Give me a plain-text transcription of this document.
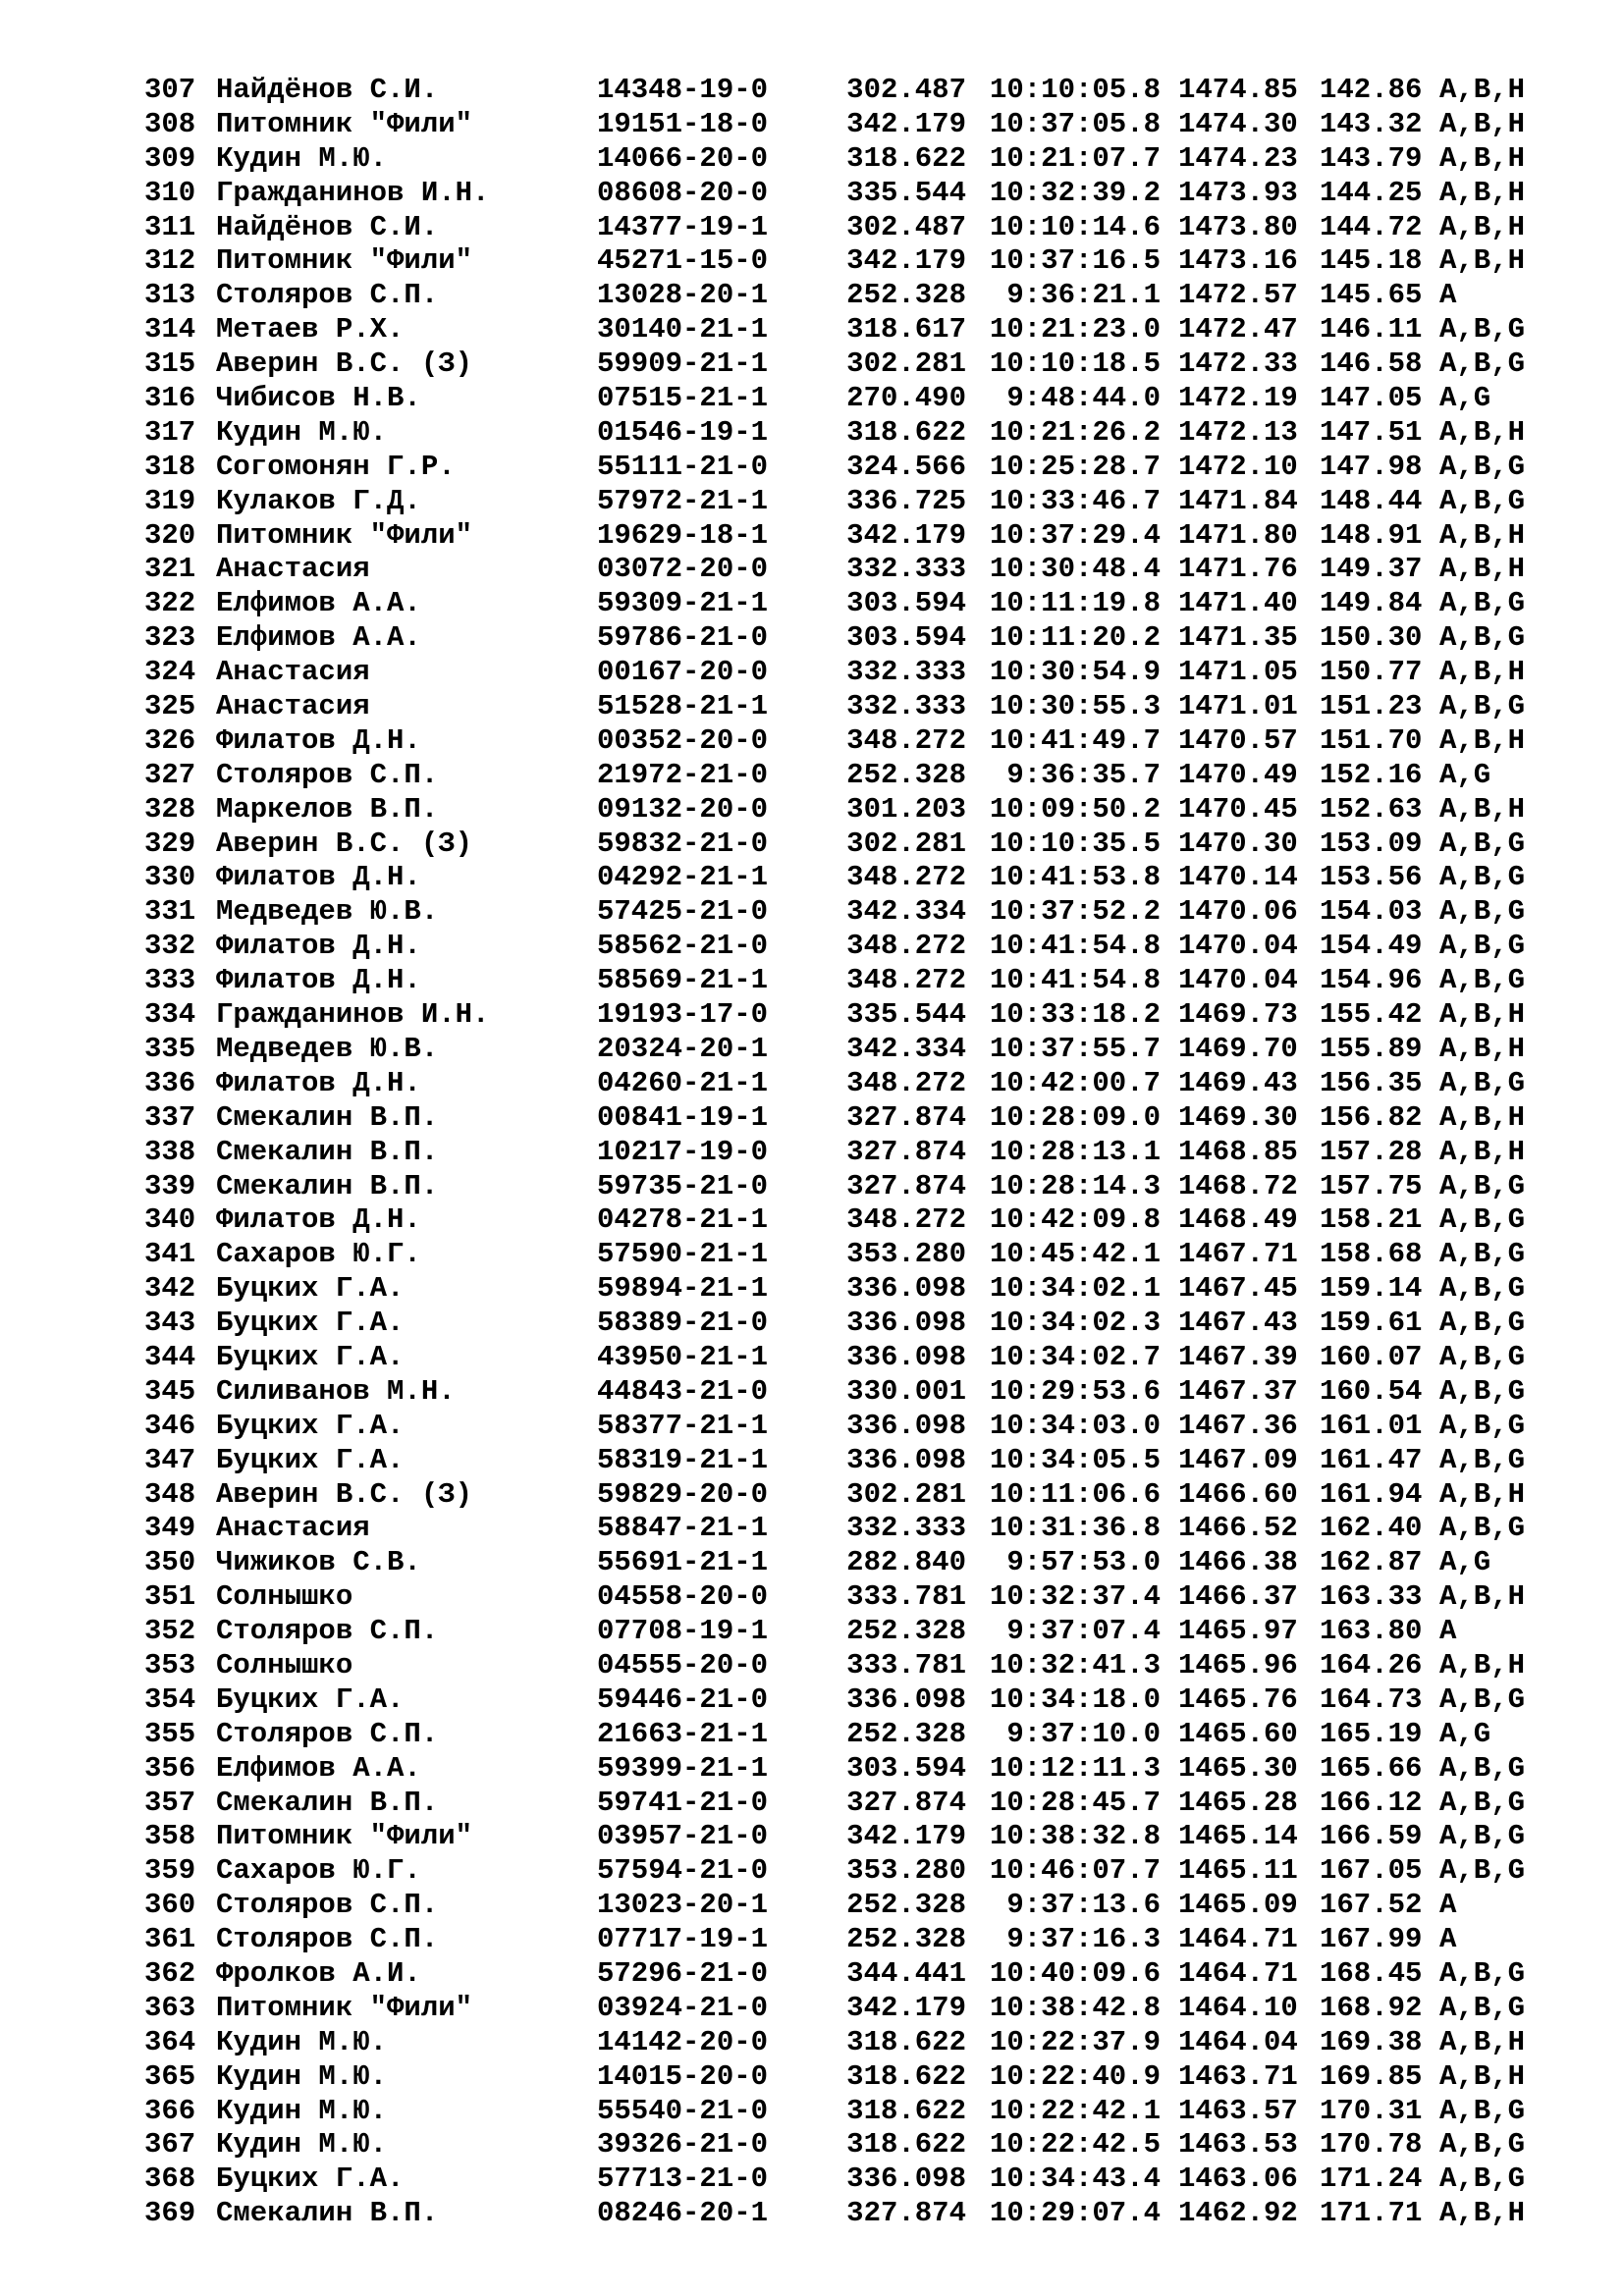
307 Найдёнов С.И.	14348-19-0	302.487 10:10:05.8 1474.85 142.86 A,B,H
308 Питомник "Фили"	19151-18-0	342.179 10:37:05.8 1474.30 143.32 A,B,H
309 Кудин М.Ю.	14066-20-0	318.622 10:21:07.7 1474.23 143.79 A,B,H
310 Гражданинов И.Н.	08608-20-0	335.544 10:32:39.2 1473.93 144.25 A,B,H
311 Найдёнов С.И.	14377-19-1	302.487 10:10:14.6 1473.80 144.72 A,B,H
312 Питомник "Фили"	45271-15-0	342.179 10:37:16.5 1473.16 145.18 A,B,H
313 Столяров С.П.	13028-20-1	252.328	9:36:21.1 1472.57 145.65 A
314 Метаев Р.Х.	30140-21-1	318.617 10:21:23.0 1472.47 146.11 A,B,G
315 Аверин В.С. (З)	59909-21-1	302.281 10:10:18.5 1472.33 146.58 A,B,G
316 Чибисов Н.В.	07515-21-1	270.490	9:48:44.0 1472.19 147.05 A,G
317 Кудин М.Ю.	01546-19-1	318.622 10:21:26.2 1472.13 147.51 A,B,H
318 Согомонян Г.Р.	55111-21-0	324.566 10:25:28.7 1472.10 147.98 A,B,G
319 Кулаков Г.Д.	57972-21-1	336.725 10:33:46.7 1471.84 148.44 A,B,G
320 Питомник "Фили"	19629-18-1	342.179 10:37:29.4 1471.80 148.91 A,B,H
321 Анастасия	03072-20-0	332.333 10:30:48.4 1471.76 149.37 A,B,H
322 Елфимов А.А.	59309-21-1	303.594 10:11:19.8 1471.40 149.84 A,B,G
323 Елфимов А.А.	59786-21-0	303.594 10:11:20.2 1471.35 150.30 A,B,G
324 Анастасия	00167-20-0	332.333 10:30:54.9 1471.05 150.77 A,B,H
325 Анастасия	51528-21-1	332.333 10:30:55.3 1471.01 151.23 A,B,G
326 Филатов Д.Н.	00352-20-0	348.272 10:41:49.7 1470.57 151.70 A,B,H
327 Столяров С.П.	21972-21-0	252.328	9:36:35.7 1470.49 152.16 A,G
328 Маркелов В.П.	09132-20-0	301.203 10:09:50.2 1470.45 152.63 A,B,H
329 Аверин В.С. (З)	59832-21-0	302.281 10:10:35.5 1470.30 153.09 A,B,G
330 Филатов Д.Н.	04292-21-1	348.272 10:41:53.8 1470.14 153.56 A,B,G
331 Медведев Ю.В.	57425-21-0	342.334 10:37:52.2 1470.06 154.03 A,B,G
332 Филатов Д.Н.	58562-21-0	348.272 10:41:54.8 1470.04 154.49 A,B,G
333 Филатов Д.Н.	58569-21-1	348.272 10:41:54.8 1470.04 154.96 A,B,G
334 Гражданинов И.Н.	19193-17-0	335.544 10:33:18.2 1469.73 155.42 A,B,H
335 Медведев Ю.В.	20324-20-1	342.334 10:37:55.7 1469.70 155.89 A,B,H
336 Филатов Д.Н.	04260-21-1	348.272 10:42:00.7 1469.43 156.35 A,B,G
337 Смекалин В.П.	00841-19-1	327.874 10:28:09.0 1469.30 156.82 A,B,H
338 Смекалин В.П.	10217-19-0	327.874 10:28:13.1 1468.85 157.28 A,B,H
339 Смекалин В.П.	59735-21-0	327.874 10:28:14.3 1468.72 157.75 A,B,G
340 Филатов Д.Н.	04278-21-1	348.272 10:42:09.8 1468.49 158.21 A,B,G
341 Сахаров Ю.Г.	57590-21-1	353.280 10:45:42.1 1467.71 158.68 A,B,G
342 Буцких Г.А.	59894-21-1	336.098 10:34:02.1 1467.45 159.14 A,B,G
343 Буцких Г.А.	58389-21-0	336.098 10:34:02.3 1467.43 159.61 A,B,G
344 Буцких Г.А.	43950-21-1	336.098 10:34:02.7 1467.39 160.07 A,B,G
345 Силиванов М.Н.	44843-21-0	330.001 10:29:53.6 1467.37 160.54 A,B,G
346 Буцких Г.А.	58377-21-1	336.098 10:34:03.0 1467.36 161.01 A,B,G
347 Буцких Г.А.	58319-21-1	336.098 10:34:05.5 1467.09 161.47 A,B,G
348 Аверин В.С. (З)	59829-20-0	302.281 10:11:06.6 1466.60 161.94 A,B,H
349 Анастасия	58847-21-1	332.333 10:31:36.8 1466.52 162.40 A,B,G
350 Чижиков С.В.	55691-21-1	282.840	9:57:53.0 1466.38 162.87 A,G
351 Солнышко	04558-20-0	333.781 10:32:37.4 1466.37 163.33 A,B,H
352 Столяров С.П.	07708-19-1	252.328	9:37:07.4 1465.97 163.80 A
353 Солнышко	04555-20-0	333.781 10:32:41.3 1465.96 164.26 A,B,H
354 Буцких Г.А.	59446-21-0	336.098 10:34:18.0 1465.76 164.73 A,B,G
355 Столяров С.П.	21663-21-1	252.328	9:37:10.0 1465.60 165.19 A,G
356 Елфимов А.А.	59399-21-1	303.594 10:12:11.3 1465.30 165.66 A,B,G
357 Смекалин В.П.	59741-21-0	327.874 10:28:45.7 1465.28 166.12 A,B,G
358 Питомник "Фили"	03957-21-0	342.179 10:38:32.8 1465.14 166.59 A,B,G
359 Сахаров Ю.Г.	57594-21-0	353.280 10:46:07.7 1465.11 167.05 A,B,G
360 Столяров С.П.	13023-20-1	252.328	9:37:13.6 1465.09 167.52 A
361 Столяров С.П.	07717-19-1	252.328	9:37:16.3 1464.71 167.99 A
362 Фролков А.И.	57296-21-0	344.441 10:40:09.6 1464.71 168.45 A,B,G
363 Питомник "Фили"	03924-21-0	342.179 10:38:42.8 1464.10 168.92 A,B,G
364 Кудин М.Ю.	14142-20-0	318.622 10:22:37.9 1464.04 169.38 A,B,H
365 Кудин М.Ю.	14015-20-0	318.622 10:22:40.9 1463.71 169.85 A,B,H
366 Кудин М.Ю.	55540-21-0	318.622 10:22:42.1 1463.57 170.31 A,B,G
367 Кудин М.Ю.	39326-21-0	318.622 10:22:42.5 1463.53 170.78 A,B,G
368 Буцких Г.А.	57713-21-0	336.098 10:34:43.4 1463.06 171.24 A,B,G
369 Смекалин В.П.	08246-20-1	327.874 10:29:07.4 1462.92 171.71 A,B,H
